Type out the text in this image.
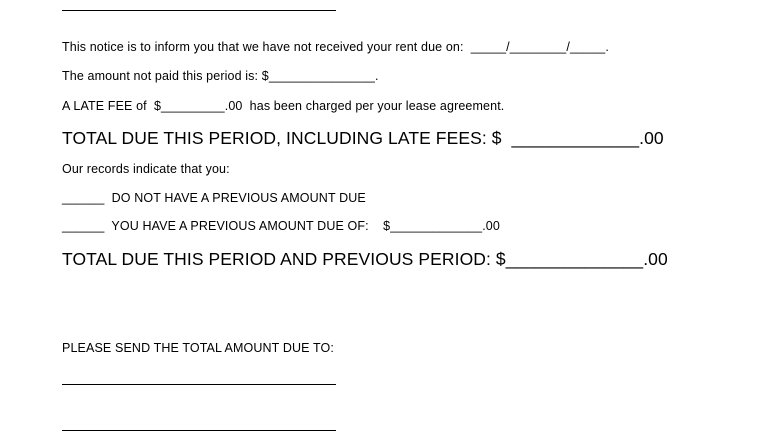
This notice is to inform you that we have not received your rent due on:  _____/________/_____.
The amount not paid this period is: $_______________.
A LATE FEE of  $_________.00  has been charged per your lease agreement.
TOTAL DUE THIS PERIOD, INCLUDING LATE FEES: $  _____________.00
Our records indicate that you:
______  DO NOT HAVE A PREVIOUS AMOUNT DUE
______  YOU HAVE A PREVIOUS AMOUNT DUE OF:    $_____________.00
TOTAL DUE THIS PERIOD AND PREVIOUS PERIOD: $______________.00
PLEASE SEND THE TOTAL AMOUNT DUE TO:
